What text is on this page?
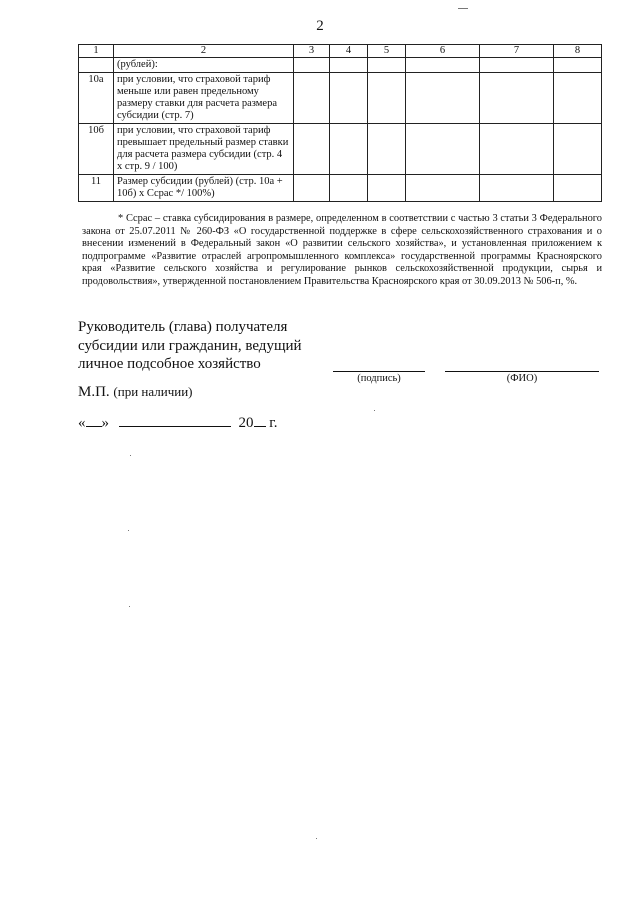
2
1	2	3	4	5	6	7	8
	(рублей):						
10а	при условии, что страховой тариф меньше или равен предельному размеру ставки для расчета размера субсидии (стр. 7)						
10б	при условии, что страховой тариф превышает предельный размер ставки для расчета размера субсидии (стр. 4 х стр. 9 / 100)						
11	Размер субсидии (рублей) (стр. 10а + 10б) х Ссрас */ 100%)						
* Ссрас – ставка субсидирования в размере, определенном в соответствии с частью 3 статьи 3 Федерального закона от 25.07.2011 № 260-ФЗ «О государственной поддержке в сфере сельскохозяйственного страхования и о внесении изменений в Федеральный закон «О развитии сельского хозяйства», и установленная приложением к подпрограмме «Развитие отраслей агропромышленного комплекса» государственной программы Красноярского края «Развитие сельского хозяйства и регулирование рынков сельскохозяйственной продукции, сырья и продовольствия», утвержденной постановлением Правительства Красноярского края от 30.09.2013 № 506-п, %.
Руководитель (глава) получателя
субсидии или гражданин, ведущий
личное подсобное хозяйство
(подпись)	(ФИО)
М.П. (при наличии)
« »	20 г.
